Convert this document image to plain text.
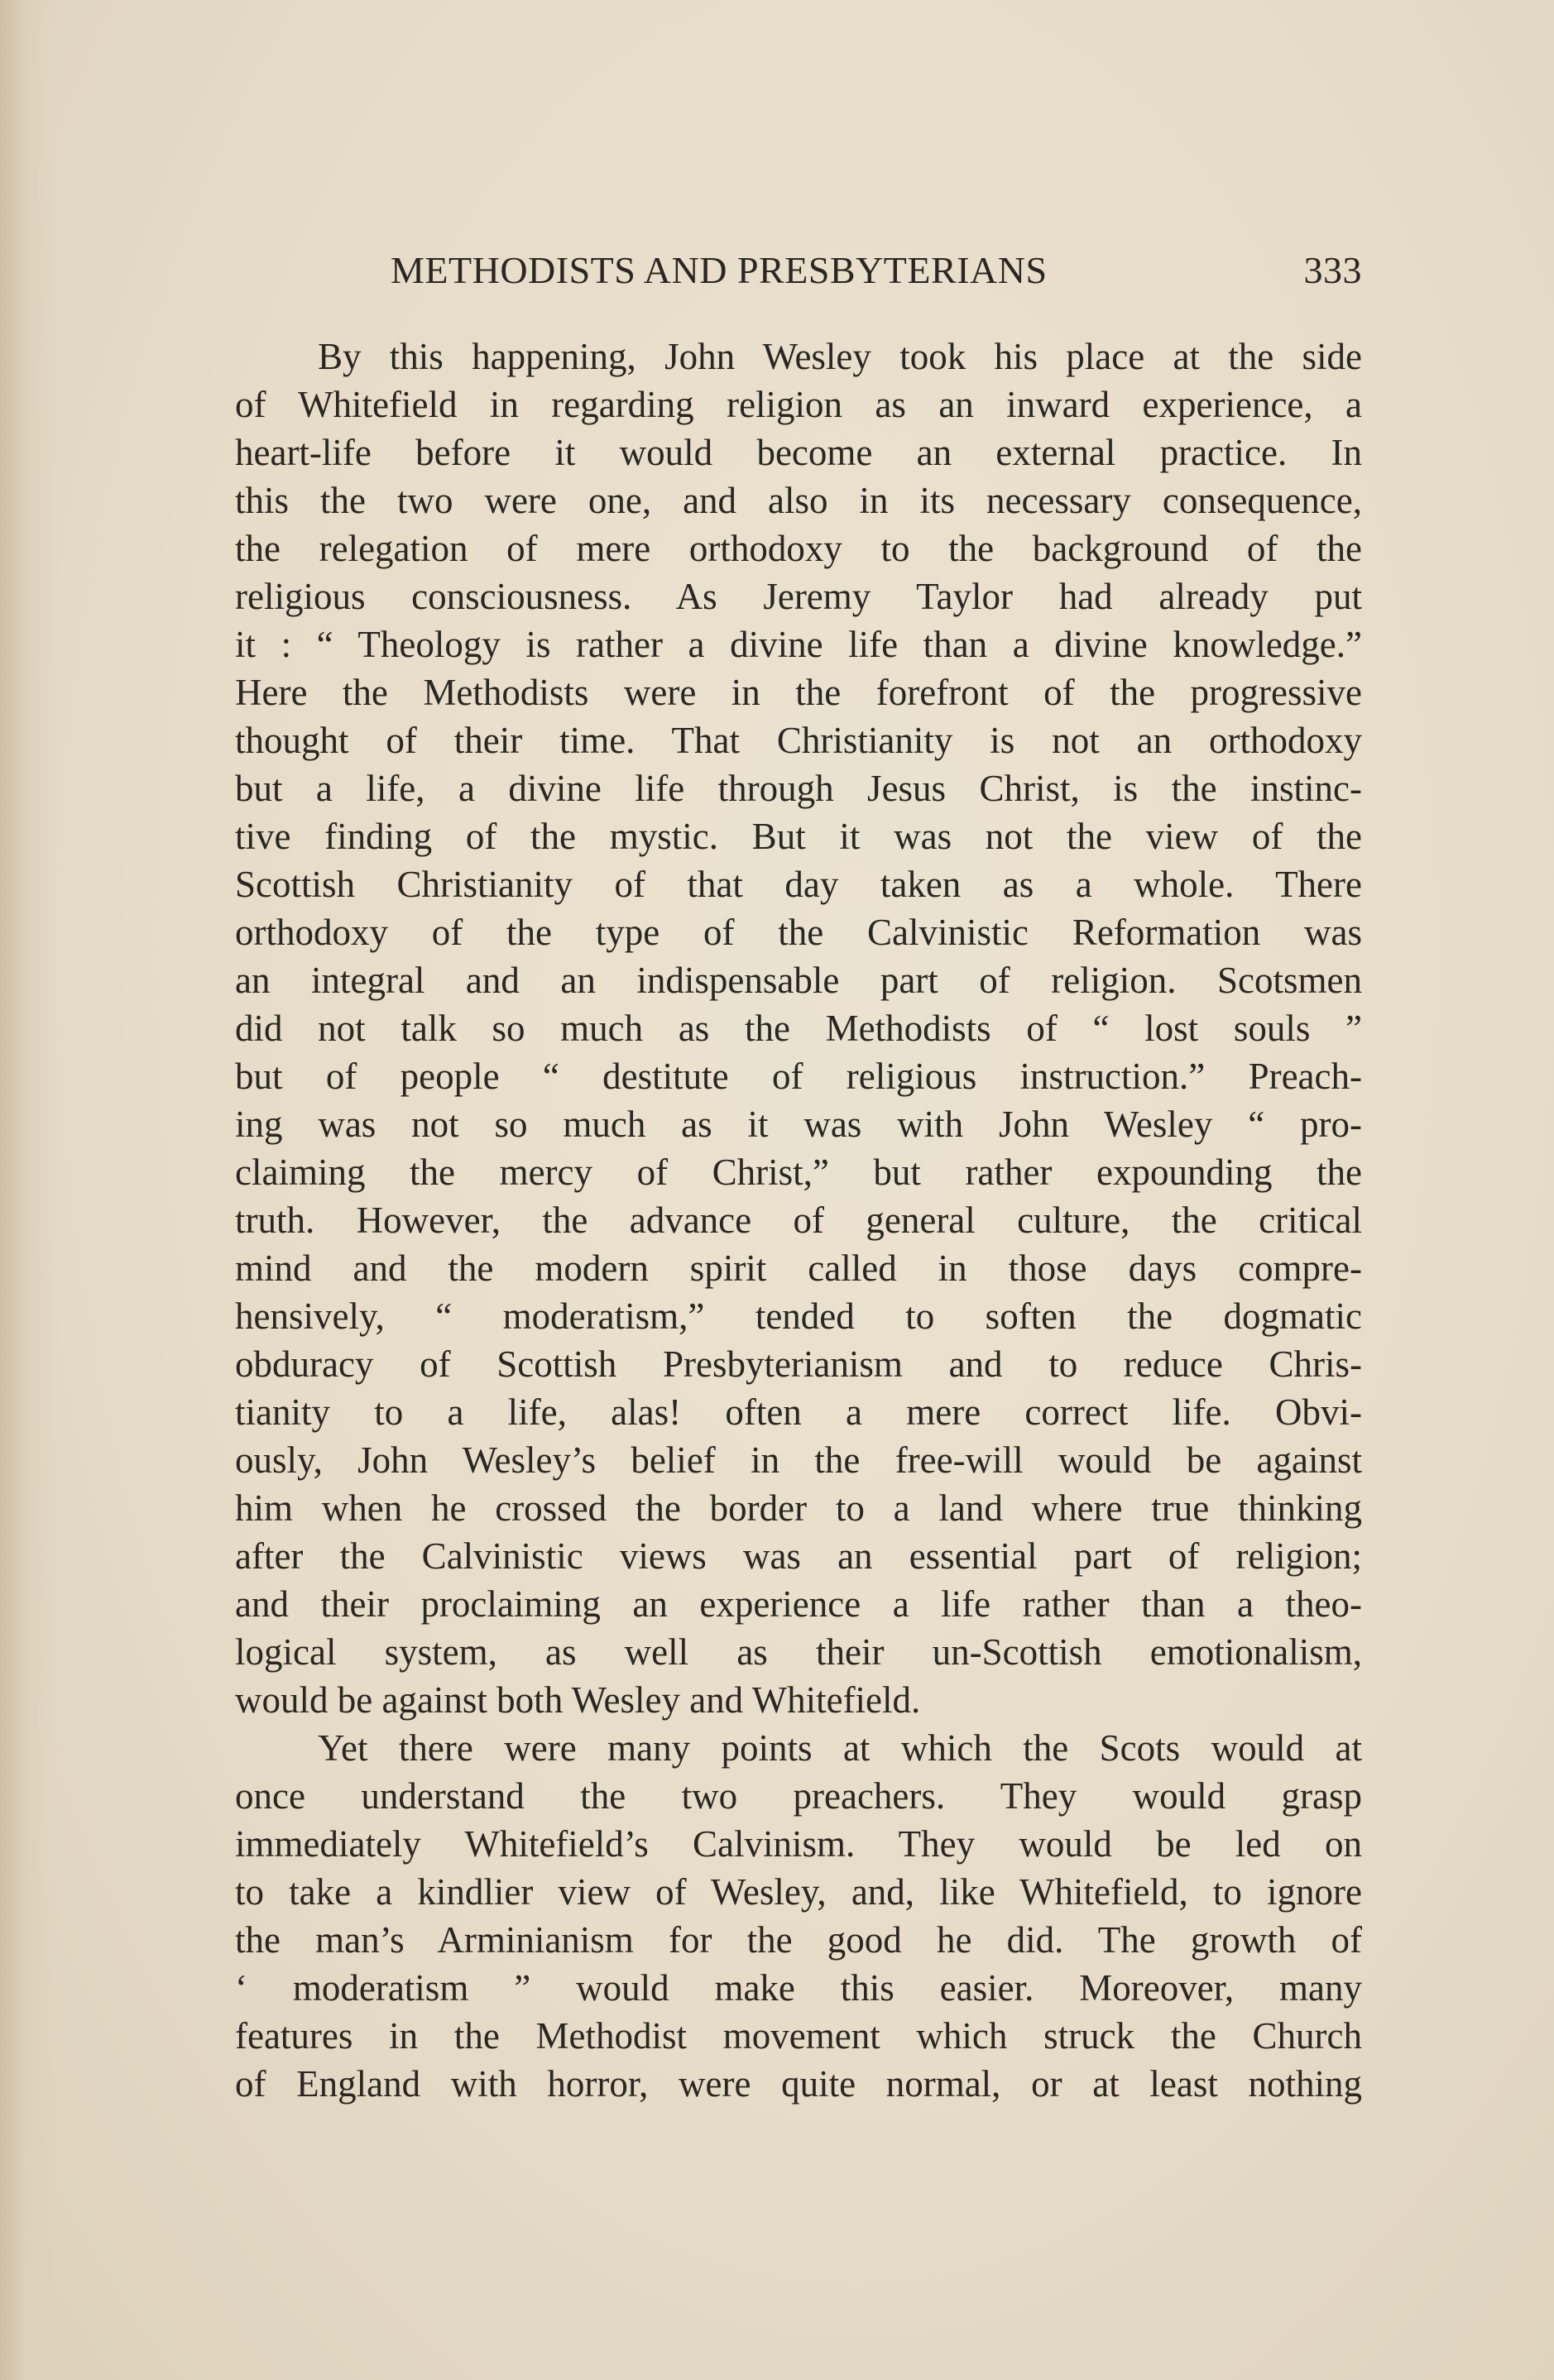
METHODISTS AND PRESBYTERIANS	333
By this happening, John Wesley took his place at the side
of Whitefield in regarding religion as an inward experience, a
heart-life before it would become an external practice. In
this the two were one, and also in its necessary consequence,
the relegation of mere orthodoxy to the background of the
religious consciousness. As Jeremy Taylor had already put
it : “ Theology is rather a divine life than a divine knowledge.”
Here the Methodists were in the forefront of the progressive
thought of their time. That Christianity is not an orthodoxy
but a life, a divine life through Jesus Christ, is the instinc-
tive finding of the mystic. But it was not the view of the
Scottish Christianity of that day taken as a whole. There
orthodoxy of the type of the Calvinistic Reformation was
an integral and an indispensable part of religion. Scotsmen
did not talk so much as the Methodists of “ lost souls ”
but of people “ destitute of religious instruction.” Preach-
ing was not so much as it was with John Wesley “ pro-
claiming the mercy of Christ,” but rather expounding the
truth. However, the advance of general culture, the critical
mind and the modern spirit called in those days compre-
hensively, “ moderatism,” tended to soften the dogmatic
obduracy of Scottish Presbyterianism and to reduce Chris-
tianity to a life, alas! often a mere correct life. Obvi-
ously, John Wesley’s belief in the free-will would be against
him when he crossed the border to a land where true thinking
after the Calvinistic views was an essential part of religion;
and their proclaiming an experience a life rather than a theo-
logical system, as well as their un-Scottish emotionalism,
would be against both Wesley and Whitefield.
Yet there were many points at which the Scots would at
once understand the two preachers. They would grasp
immediately Whitefield’s Calvinism. They would be led on
to take a kindlier view of Wesley, and, like Whitefield, to ignore
the man’s Arminianism for the good he did. The growth of
‘ moderatism ” would make this easier. Moreover, many
features in the Methodist movement which struck the Church
of England with horror, were quite normal, or at least nothing
